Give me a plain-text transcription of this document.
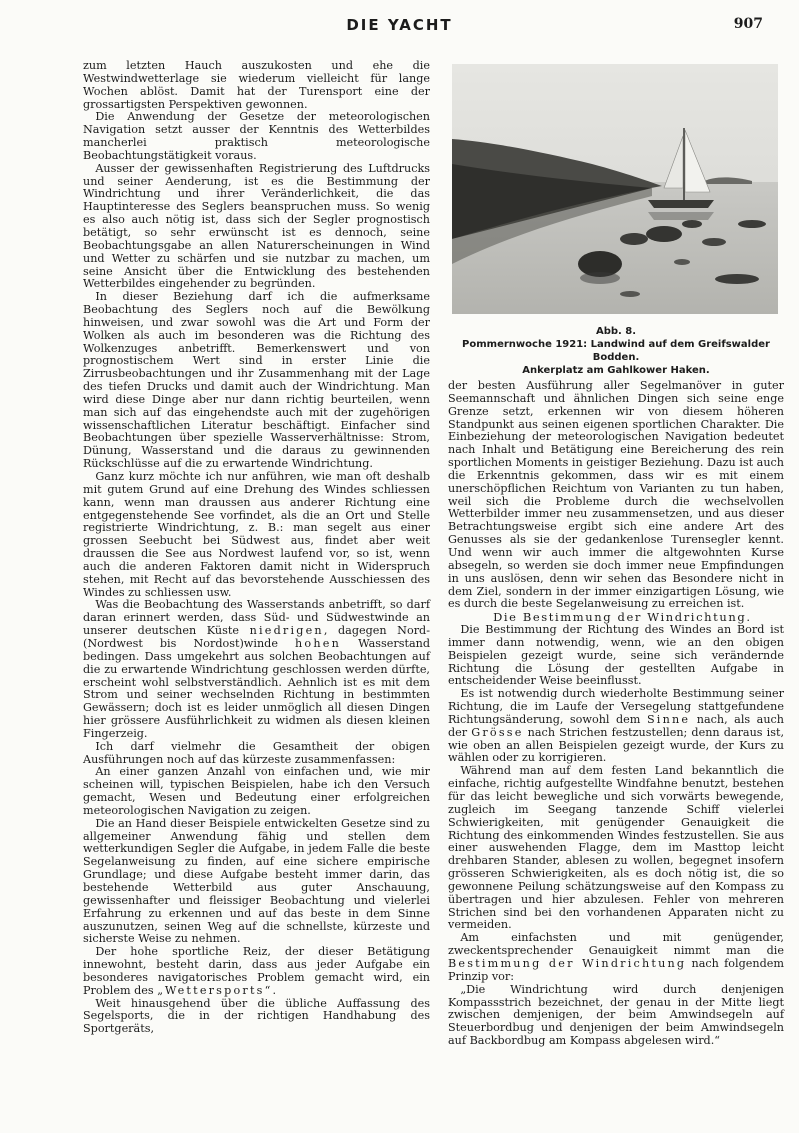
DIE YACHT	907

zum letzten Hauch auszukosten und ehe die Westwindwetterlage sie wiederum vielleicht für lange Wochen ablöst. Damit hat der Turensport eine der grossartigsten Perspektiven gewonnen.

Die Anwendung der Gesetze der meteorologischen Navigation setzt ausser der Kenntnis des Wetterbildes mancherlei praktisch meteorologische Beobachtungstätigkeit voraus.

Ausser der gewissenhaften Registrierung des Luftdrucks und seiner Aenderung, ist es die Bestimmung der Windrichtung und ihrer Veränderlichkeit, die das Hauptinteresse des Seglers beanspruchen muss. So wenig es also auch nötig ist, dass sich der Segler prognostisch betätigt, so sehr erwünscht ist es dennoch, seine Beobachtungsgabe an allen Naturerscheinungen in Wind und Wetter zu schärfen und sie nutzbar zu machen, um seine Ansicht über die Entwicklung des bestehenden Wetterbildes eingehender zu begründen.

In dieser Beziehung darf ich die aufmerksame Beobachtung des Seglers noch auf die Bewölkung hinweisen, und zwar sowohl was die Art und Form der Wolken als auch im besonderen was die Richtung des Wolkenzuges anbetrifft. Bemerkenswert und von prognostischem Wert sind in erster Linie die Zirrusbeobachtungen und ihr Zusammenhang mit der Lage des tiefen Drucks und damit auch der Windrichtung. Man wird diese Dinge aber nur dann richtig beurteilen, wenn man sich auf das eingehendste auch mit der zugehörigen wissenschaftlichen Literatur beschäftigt. Einfacher sind Beobachtungen über spezielle Wasserverhältnisse: Strom, Dünung, Wasserstand und die daraus zu gewinnenden Rückschlüsse auf die zu erwartende Windrichtung.

Ganz kurz möchte ich nur anführen, wie man oft deshalb mit gutem Grund auf eine Drehung des Windes schliessen kann, wenn man draussen aus anderer Richtung eine entgegenstehende See vorfindet, als die an Ort und Stelle registrierte Windrichtung, z. B.: man segelt aus einer grossen Seebucht bei Südwest aus, findet aber weit draussen die See aus Nordwest laufend vor, so ist, wenn auch die anderen Faktoren damit nicht in Widerspruch stehen, mit Recht auf das bevorstehende Ausschiessen des Windes zu schliessen usw.

Was die Beobachtung des Wasserstands anbetrifft, so darf daran erinnert werden, dass Süd- und Südwestwinde an unserer deutschen Küste niedrigen, dagegen Nord- (Nordwest bis Nordost)winde hohen Wasserstand bedingen. Dass umgekehrt aus solchen Beobachtungen auf die zu erwartende Windrichtung geschlossen werden dürfte, erscheint wohl selbstverständlich. Aehnlich ist es mit dem Strom und seiner wechselnden Richtung in bestimmten Gewässern; doch ist es leider unmöglich all diesen Dingen hier grössere Ausführlichkeit zu widmen als diesen kleinen Fingerzeig.

Ich darf vielmehr die Gesamtheit der obigen Ausführungen noch auf das kürzeste zusammenfassen:

An einer ganzen Anzahl von einfachen und, wie mir scheinen will, typischen Beispielen, habe ich den Versuch gemacht, Wesen und Bedeutung einer erfolgreichen meteorologischen Navigation zu zeigen.

Die an Hand dieser Beispiele entwickelten Gesetze sind zu allgemeiner Anwendung fähig und stellen dem wetterkundigen Segler die Aufgabe, in jedem Falle die beste Segelanweisung zu finden, auf eine sichere empirische Grundlage; und diese Aufgabe besteht immer darin, das bestehende Wetterbild aus guter Anschauung, gewissenhafter und fleissiger Beobachtung und vielerlei Erfahrung zu erkennen und auf das beste in dem Sinne auszunutzen, seinen Weg auf die schnellste, kürzeste und sicherste Weise zu nehmen.

Der hohe sportliche Reiz, der dieser Betätigung innewohnt, besteht darin, dass aus jeder Aufgabe ein besonderes navigatorisches Problem gemacht wird, ein Problem des „Wettersports“.

Weit hinausgehend über die übliche Auffassung des Segelsports, die in der richtigen Handhabung des Sportgeräts,

Abb. 8.
Pommernwoche 1921: Landwind auf dem Greifswalder Bodden.
Ankerplatz am Gahlkower Haken.

der besten Ausführung aller Segelmanöver in guter Seemannschaft und ähnlichen Dingen sich seine enge Grenze setzt, erkennen wir von diesem höheren Standpunkt aus seinen eigenen sportlichen Charakter. Die Einbeziehung der meteorologischen Navigation bedeutet nach Inhalt und Betätigung eine Bereicherung des rein sportlichen Moments in geistiger Beziehung. Dazu ist auch die Erkenntnis gekommen, dass wir es mit einem unerschöpflichen Reichtum von Varianten zu tun haben, weil sich die Probleme durch die wechselvollen Wetterbilder immer neu zusammensetzen, und aus dieser Betrachtungsweise ergibt sich eine andere Art des Genusses als sie der gedankenlose Turensegler kennt. Und wenn wir auch immer die altgewohnten Kurse absegeln, so werden sie doch immer neue Empfindungen in uns auslösen, denn wir sehen das Besondere nicht in dem Ziel, sondern in der immer einzigartigen Lösung, wie es durch die beste Segelanweisung zu erreichen ist.

Die Bestimmung der Windrichtung.

Die Bestimmung der Richtung des Windes an Bord ist immer dann notwendig, wenn, wie an den obigen Beispielen gezeigt wurde, seine sich verändernde Richtung die Lösung der gestellten Aufgabe in entscheidender Weise beeinflusst.

Es ist notwendig durch wiederholte Bestimmung seiner Richtung, die im Laufe der Versegelung stattgefundene Richtungsänderung, sowohl dem Sinne nach, als auch der Grösse nach Strichen festzustellen; denn daraus ist, wie oben an allen Beispielen gezeigt wurde, der Kurs zu wählen oder zu korrigieren.

Während man auf dem festen Land bekanntlich die einfache, richtig aufgestellte Windfahne benutzt, bestehen für das leicht bewegliche und sich vorwärts bewegende, zugleich im Seegang tanzende Schiff vielerlei Schwierigkeiten, mit genügender Genauigkeit die Richtung des einkommenden Windes festzustellen. Sie aus einer auswehenden Flagge, dem im Masttop leicht drehbaren Stander, ablesen zu wollen, begegnet insofern grösseren Schwierigkeiten, als es doch nötig ist, die so gewonnene Peilung schätzungsweise auf den Kompass zu übertragen und hier abzulesen. Fehler von mehreren Strichen sind bei den vorhandenen Apparaten nicht zu vermeiden.

Am einfachsten und mit genügender, zweckentsprechender Genauigkeit nimmt man die Bestimmung der Windrichtung nach folgendem Prinzip vor:

„Die Windrichtung wird durch denjenigen Kompassstrich bezeichnet, der genau in der Mitte liegt zwischen demjenigen, der beim Amwindsegeln auf Steuerbordbug und denjenigen der beim Amwindsegeln auf Backbordbug am Kompass abgelesen wird.“
